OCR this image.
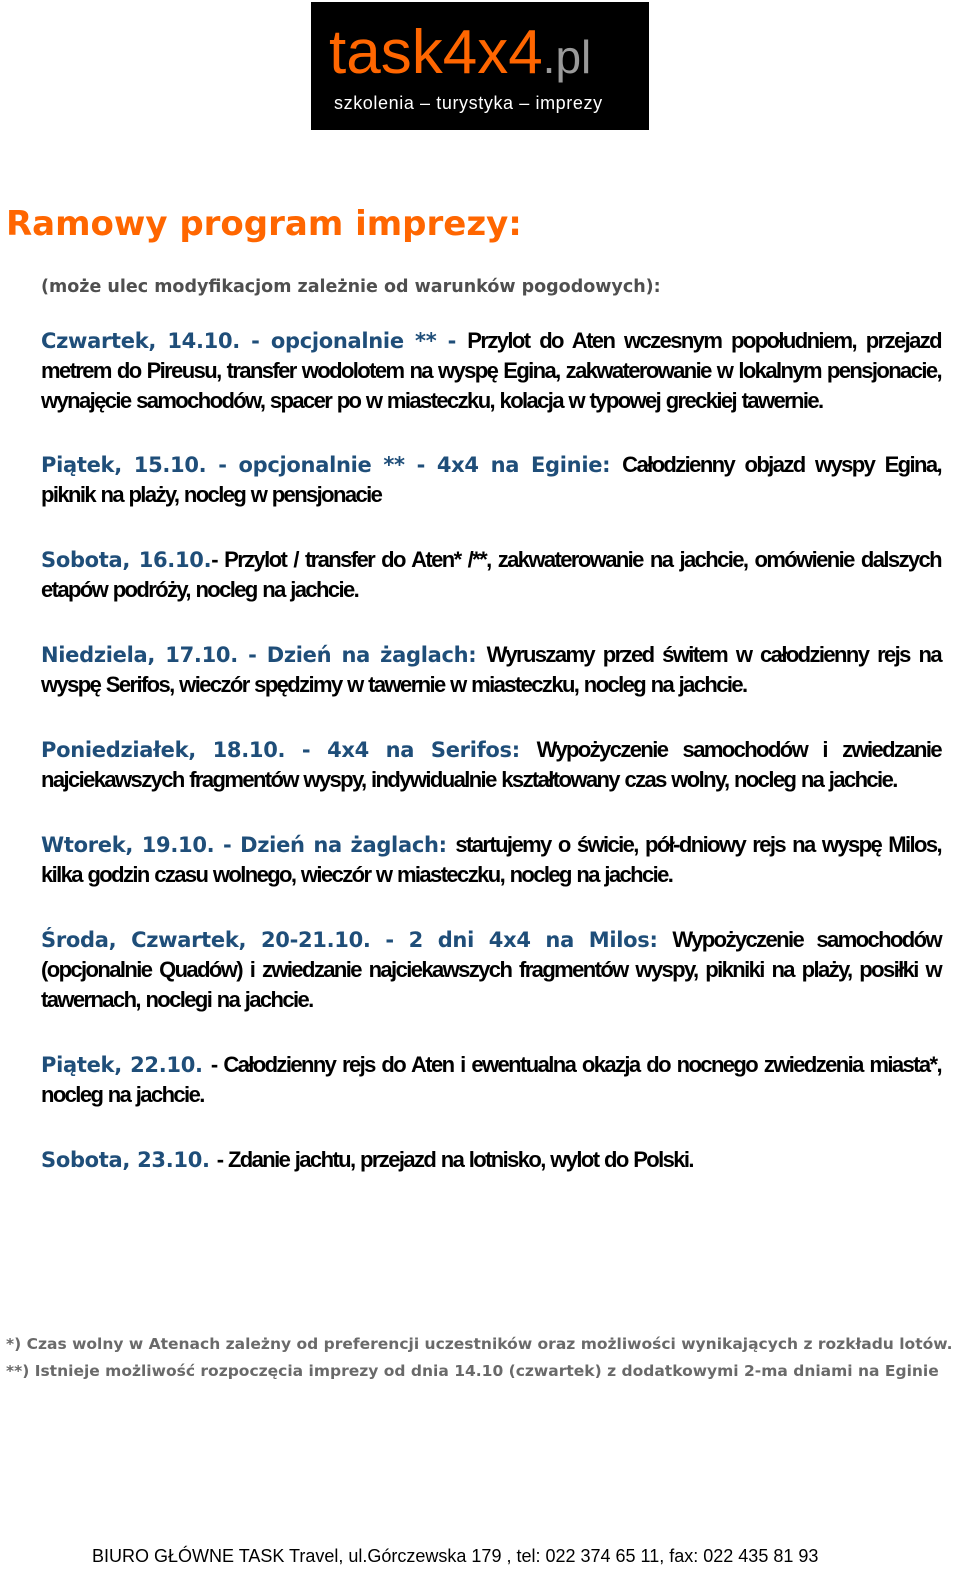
task4x4.pl
szkolenia – turystyka – imprezy
Ramowy program imprezy:
(może ulec modyfikacjom zależnie od warunków pogodowych):

Czwartek, 14.10. - opcjonalnie ** - Przylot do Aten wczesnym popołudniem, przejazd metrem do Pireusu, transfer wodolotem na wyspę Egina, zakwaterowanie w lokalnym pensjonacie, wynajęcie samochodów, spacer po w miasteczku, kolacja w typowej greckiej tawernie.

Piątek, 15.10. - opcjonalnie ** - 4x4 na Eginie: Całodzienny objazd wyspy Egina, piknik na plaży, nocleg w pensjonacie

Sobota, 16.10.- Przylot / transfer do Aten* /**, zakwaterowanie na jachcie, omówienie dalszych etapów podróży, nocleg na jachcie.

Niedziela, 17.10. - Dzień na żaglach: Wyruszamy przed świtem w całodzienny rejs na wyspę Serifos, wieczór spędzimy w tawernie w miasteczku, nocleg na jachcie.

Poniedziałek, 18.10. - 4x4 na Serifos: Wypożyczenie samochodów i zwiedzanie najciekawszych fragmentów wyspy, indywidualnie kształtowany czas wolny, nocleg na jachcie.

Wtorek, 19.10. - Dzień na żaglach: startujemy o świcie, pół-dniowy rejs na wyspę Milos, kilka godzin czasu wolnego, wieczór w miasteczku, nocleg na jachcie.

Środa, Czwartek, 20-21.10. - 2 dni 4x4 na Milos: Wypożyczenie samochodów (opcjonalnie Quadów) i zwiedzanie najciekawszych fragmentów wyspy, pikniki na plaży, posiłki w tawernach, noclegi na jachcie.

Piątek, 22.10. - Całodzienny rejs do Aten i ewentualna okazja do nocnego zwiedzenia miasta*, nocleg na jachcie.

Sobota, 23.10. - Zdanie jachtu, przejazd na lotnisko, wylot do Polski.

*) Czas wolny w Atenach zależny od preferencji uczestników oraz możliwości wynikających z rozkładu lotów.
**) Istnieje możliwość rozpoczęcia imprezy od dnia 14.10 (czwartek) z dodatkowymi 2-ma dniami na Eginie
BIURO GŁÓWNE TASK Travel, ul.Górczewska 179 , tel: 022 374 65 11, fax: 022 435 81 93
